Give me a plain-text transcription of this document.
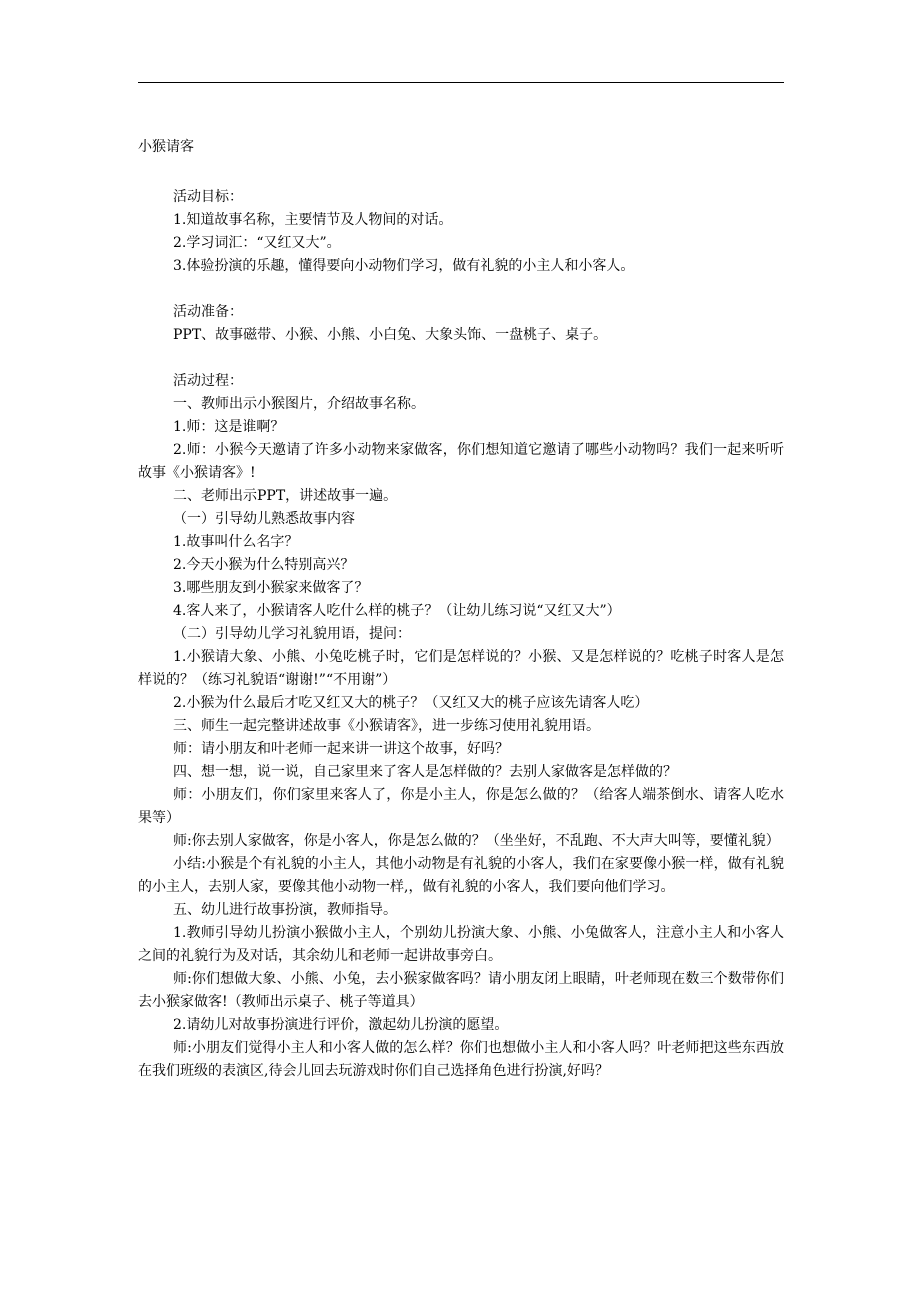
小猴请客

活动目标：

1.知道故事名称，主要情节及人物间的对话。

2.学习词汇：“又红又大”。

3.体验扮演的乐趣，懂得要向小动物们学习，做有礼貌的小主人和小客人。

活动准备：

PPT、故事磁带、小猴、小熊、小白兔、大象头饰、一盘桃子、桌子。

活动过程：

一、教师出示小猴图片，介绍故事名称。

1.师：这是谁啊？

2.师：小猴今天邀请了许多小动物来家做客，你们想知道它邀请了哪些小动物吗？我们一起来听听故事《小猴请客》!

二、老师出示PPT，讲述故事一遍。

（一）引导幼儿熟悉故事内容

1.故事叫什么名字？

2.今天小猴为什么特别高兴？

3.哪些朋友到小猴家来做客了？

4.客人来了，小猴请客人吃什么样的桃子？（让幼儿练习说“又红又大”）

（二）引导幼儿学习礼貌用语，提问：

1.小猴请大象、小熊、小兔吃桃子时，它们是怎样说的？小猴、又是怎样说的？吃桃子时客人是怎样说的？（练习礼貌语“谢谢!”“不用谢”）

2.小猴为什么最后才吃又红又大的桃子？（又红又大的桃子应该先请客人吃）

三、师生一起完整讲述故事《小猴请客》，进一步练习使用礼貌用语。

师：请小朋友和叶老师一起来讲一讲这个故事，好吗？

四、想一想，说一说，自己家里来了客人是怎样做的？去别人家做客是怎样做的？

师：小朋友们，你们家里来客人了，你是小主人，你是怎么做的？（给客人端茶倒水、请客人吃水果等）

师:你去别人家做客，你是小客人，你是怎么做的？（坐坐好，不乱跑、不大声大叫等，要懂礼貌）

小结:小猴是个有礼貌的小主人，其他小动物是有礼貌的小客人，我们在家要像小猴一样，做有礼貌的小主人，去别人家，要像其他小动物一样,，做有礼貌的小客人，我们要向他们学习。

五、幼儿进行故事扮演，教师指导。

1.教师引导幼儿扮演小猴做小主人，个别幼儿扮演大象、小熊、小兔做客人，注意小主人和小客人之间的礼貌行为及对话，其余幼儿和老师一起讲故事旁白。

师:你们想做大象、小熊、小兔，去小猴家做客吗？请小朋友闭上眼睛，叶老师现在数三个数带你们去小猴家做客!（教师出示桌子、桃子等道具）

2.请幼儿对故事扮演进行评价，激起幼儿扮演的愿望。

师:小朋友们觉得小主人和小客人做的怎么样？你们也想做小主人和小客人吗？叶老师把这些东西放在我们班级的表演区,待会儿回去玩游戏时你们自己选择角色进行扮演,好吗？
